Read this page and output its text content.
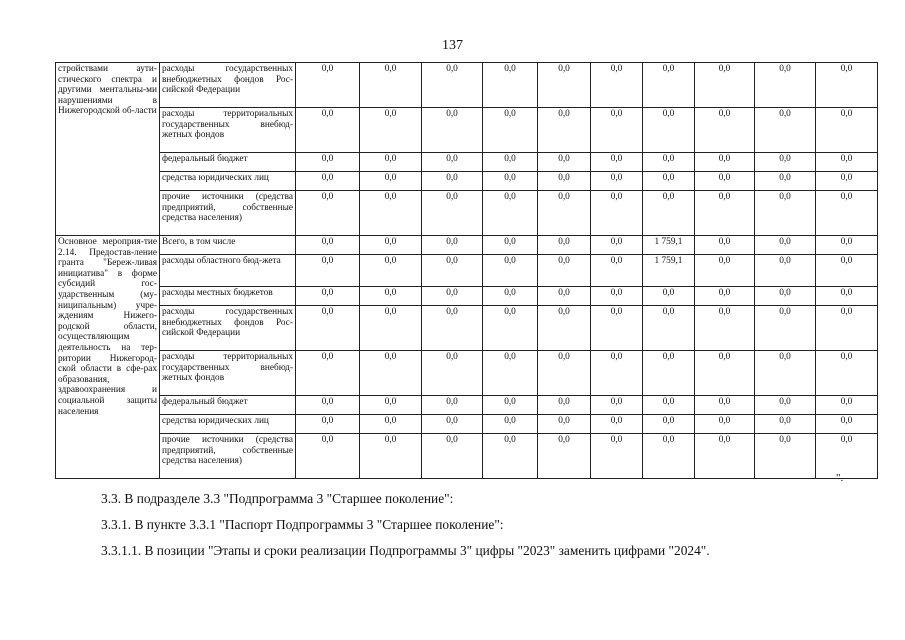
137
стройствами аути-стического спектра и другими ментальны-ми нарушениями в Нижегородской об-ласти	расходы государственных внебюджетных фондов Рос-сийской Федерации	0,0	0,0	0,0	0,0	0,0	0,0	0,0	0,0	0,0	0,0
	расходы территориальных государственных внебюд-жетных фондов	0,0	0,0	0,0	0,0	0,0	0,0	0,0	0,0	0,0	0,0
	федеральный бюджет	0,0	0,0	0,0	0,0	0,0	0,0	0,0	0,0	0,0	0,0
	средства юридических лиц	0,0	0,0	0,0	0,0	0,0	0,0	0,0	0,0	0,0	0,0
	прочие источники (средства предприятий, собственные средства населения)	0,0	0,0	0,0	0,0	0,0	0,0	0,0	0,0	0,0	0,0
Основное мероприя-тие 2.14. Предостав-ление гранта "Береж-ливая инициатива" в форме субсидий гос-ударственным (му-ниципальным) учре-ждениям Нижего-родской области, осуществляющим деятельность на тер-ритории Нижегород-ской области в сфе-рах образования, здравоохранения и социальной защиты населения	Всего, в том числе	0,0	0,0	0,0	0,0	0,0	0,0	1 759,1	0,0	0,0	0,0
	расходы областного бюд-жета	0,0	0,0	0,0	0,0	0,0	0,0	1 759,1	0,0	0,0	0,0
	расходы местных бюджетов	0,0	0,0	0,0	0,0	0,0	0,0	0,0	0,0	0,0	0,0
	расходы государственных внебюджетных фондов Рос-сийской Федерации	0,0	0,0	0,0	0,0	0,0	0,0	0,0	0,0	0,0	0,0
	расходы территориальных государственных внебюд-жетных фондов	0,0	0,0	0,0	0,0	0,0	0,0	0,0	0,0	0,0	0,0
	федеральный бюджет	0,0	0,0	0,0	0,0	0,0	0,0	0,0	0,0	0,0	0,0
	средства юридических лиц	0,0	0,0	0,0	0,0	0,0	0,0	0,0	0,0	0,0	0,0
	прочие источники (средства предприятий, собственные средства населения)	0,0	0,0	0,0	0,0	0,0	0,0	0,0	0,0	0,0	0,0
".
3.3. В подразделе 3.3 "Подпрограмма 3 "Старшее поколение":
3.3.1. В пункте 3.3.1 "Паспорт Подпрограммы 3 "Старшее поколение":
3.3.1.1. В позиции "Этапы и сроки реализации Подпрограммы 3" цифры "2023" заменить цифрами "2024".
